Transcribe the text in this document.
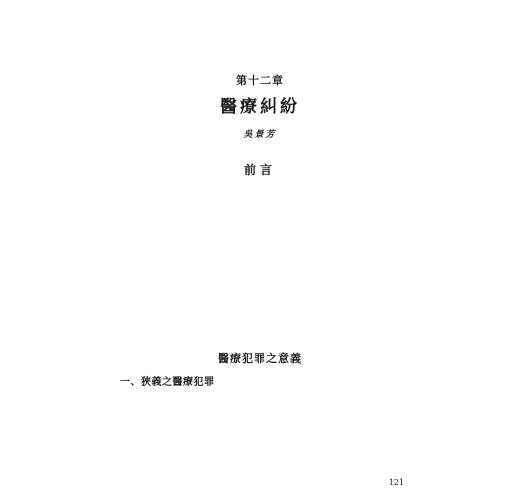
第十二章
醫療糾紛
吳景芳
前言
醫療犯罪之意義
一、狹義之醫療犯罪
121
